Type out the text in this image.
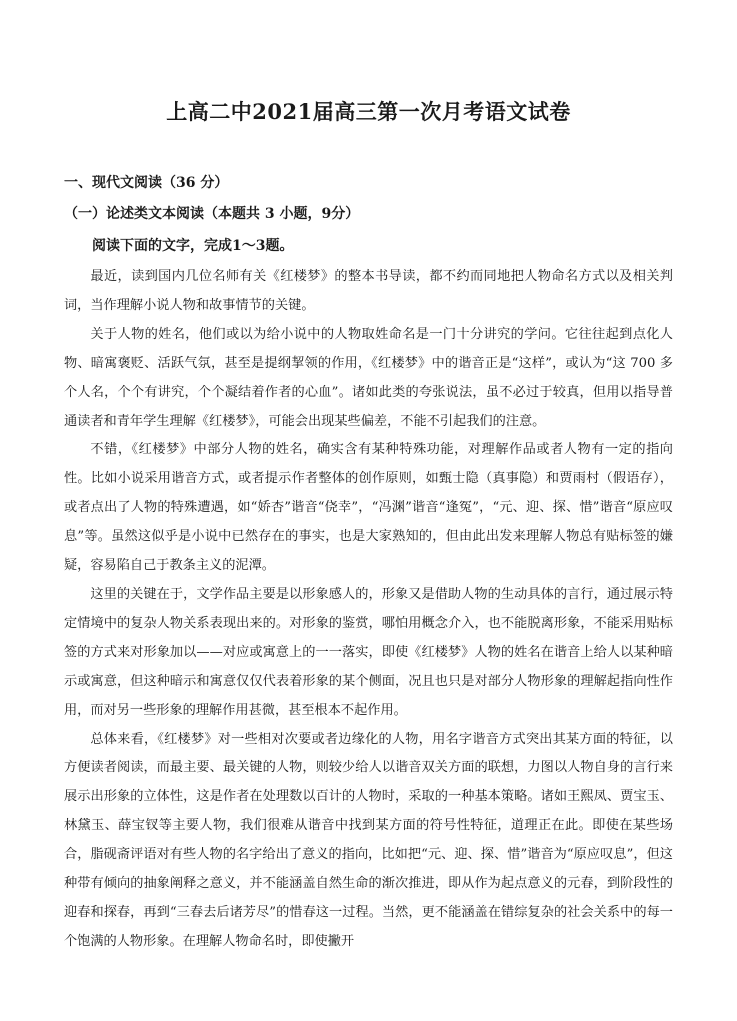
上高二中2021届高三第一次月考语文试卷
一、现代文阅读（36 分）
（一）论述类文本阅读（本题共 3 小题，9分）
阅读下面的文字，完成1～3题。

最近，读到国内几位名师有关《红楼梦》的整本书导读，都不约而同地把人物命名方式以及相关判词，当作理解小说人物和故事情节的关键。

关于人物的姓名，他们或以为给小说中的人物取姓命名是一门十分讲究的学问。它往往起到点化人物、暗寓褒贬、活跃气氛，甚至是提纲挈领的作用，《红楼梦》中的谐音正是“这样”，或认为“这 700 多个人名，个个有讲究，个个凝结着作者的心血”。诸如此类的夸张说法，虽不必过于较真，但用以指导普通读者和青年学生理解《红楼梦》，可能会出现某些偏差，不能不引起我们的注意。

不错，《红楼梦》中部分人物的姓名，确实含有某种特殊功能，对理解作品或者人物有一定的指向性。比如小说采用谐音方式，或者提示作者整体的创作原则，如甄士隐（真事隐）和贾雨村（假语存），或者点出了人物的特殊遭遇，如“娇杏”谐音“侥幸”，“冯渊”谐音“逢冤”，“元、迎、探、惜”谐音“原应叹息”等。虽然这似乎是小说中已然存在的事实，也是大家熟知的，但由此出发来理解人物总有贴标签的嫌疑，容易陷自己于教条主义的泥潭。

这里的关键在于，文学作品主要是以形象感人的，形象又是借助人物的生动具体的言行，通过展示特定情境中的复杂人物关系表现出来的。对形象的鉴赏，哪怕用概念介入，也不能脱离形象，不能采用贴标签的方式来对形象加以——对应或寓意上的一一落实，即使《红楼梦》人物的姓名在谐音上给人以某种暗示或寓意，但这种暗示和寓意仅仅代表着形象的某个侧面，况且也只是对部分人物形象的理解起指向性作用，而对另一些形象的理解作用甚微，甚至根本不起作用。

总体来看，《红楼梦》对一些相对次要或者边缘化的人物，用名字谐音方式突出其某方面的特征，以方便读者阅读，而最主要、最关键的人物，则较少给人以谐音双关方面的联想，力图以人物自身的言行来展示出形象的立体性，这是作者在处理数以百计的人物时，采取的一种基本策略。诸如王熙凤、贾宝玉、林黛玉、薛宝钗等主要人物，我们很难从谐音中找到某方面的符号性特征，道理正在此。即使在某些场合，脂砚斋评语对有些人物的名字给出了意义的指向，比如把“元、迎、探、惜”谐音为“原应叹息”，但这种带有倾向的抽象阐释之意义，并不能涵盖自然生命的渐次推进，即从作为起点意义的元春，到阶段性的迎春和探春，再到“三春去后诸芳尽”的惜春这一过程。当然，更不能涵盖在错综复杂的社会关系中的每一个饱满的人物形象。在理解人物命名时，即使撇开
